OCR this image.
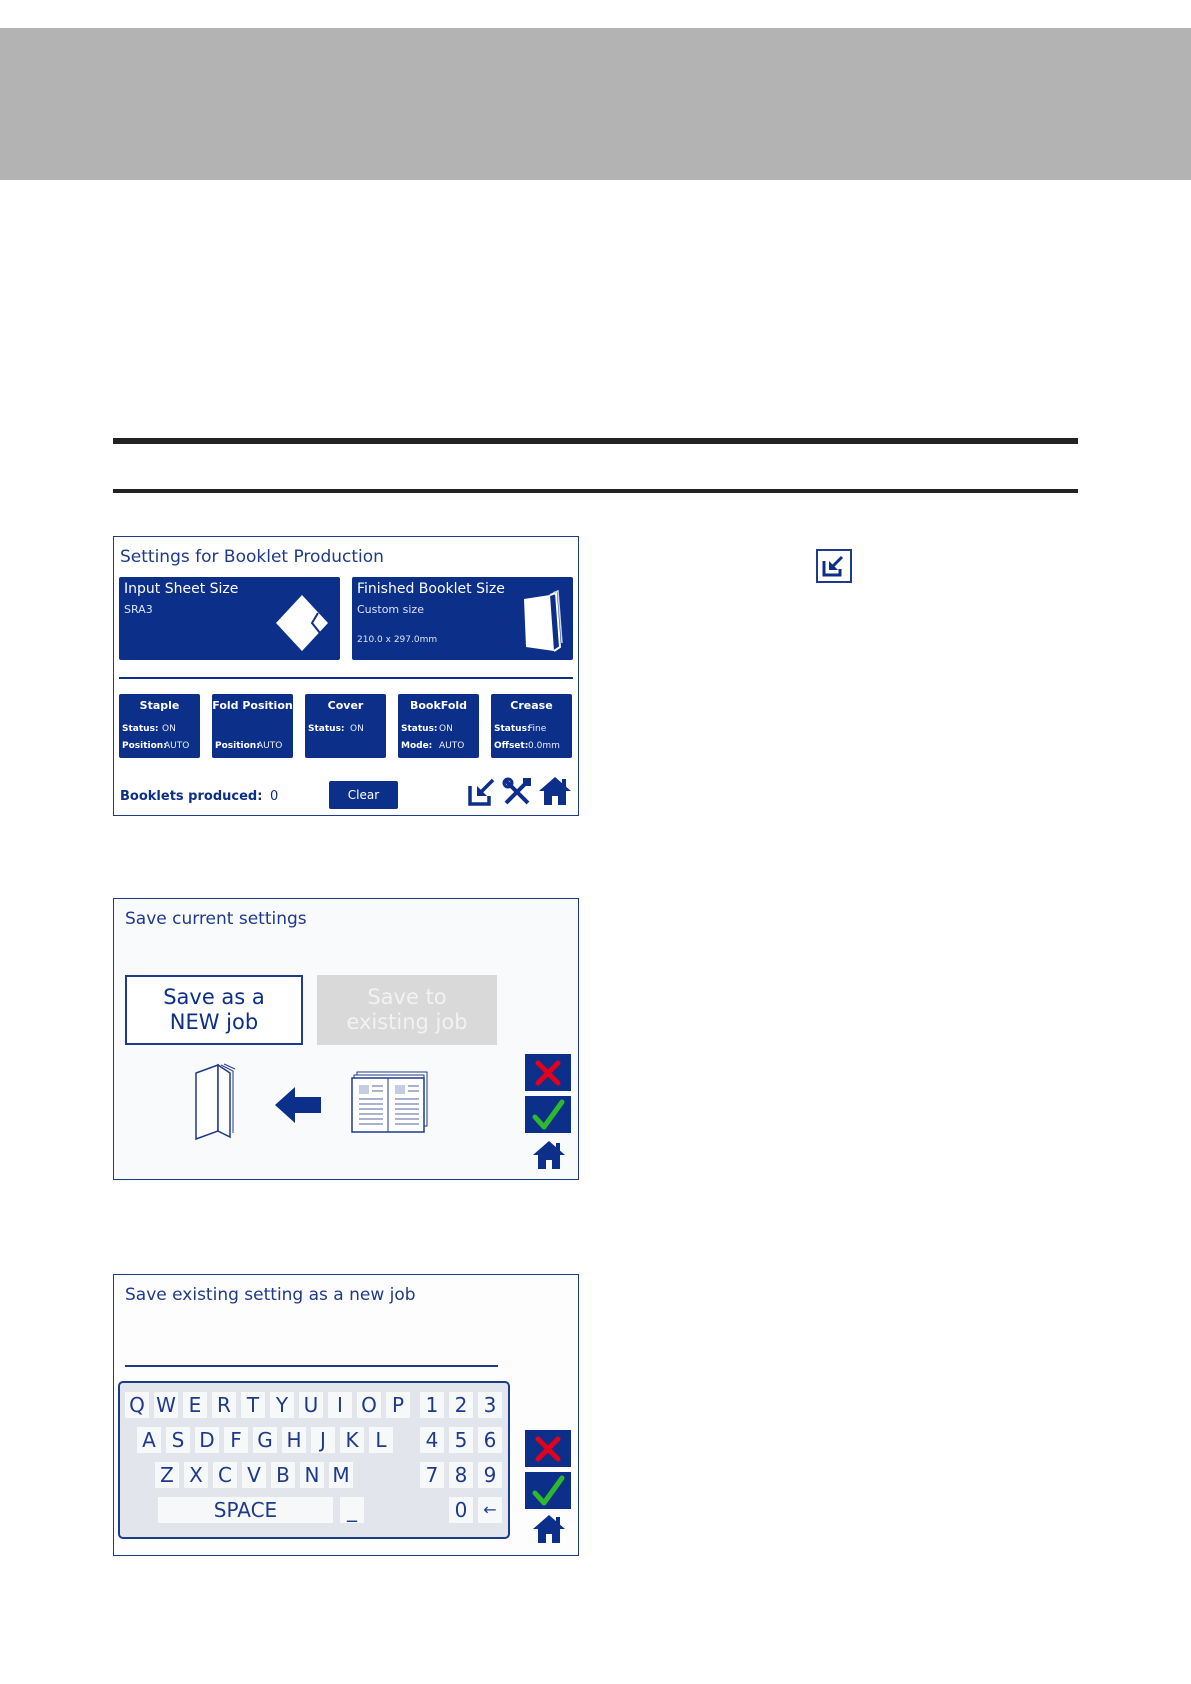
Settings for Booklet Production
Input Sheet Size
SRA3
Finished Booklet Size
Custom size
210.0 x 297.0mm
Staple
Status: ON
Position:AUTO
Fold Position
Position:AUTO
Cover
Status: ON
BookFold
Status:ON
Mode: AUTO
Crease
Status:Fine
Offset:0.0mm
Booklets produced: 0	Clear
Save current settings
Save as a
NEW job
Save to
existing job
Save existing setting as a new job
Q W E R T Y U I O P 1 2 3
A S D F G H J K L	4 5 6
Z X C V B N M	7 8 9
SPACE	_	0 ←
